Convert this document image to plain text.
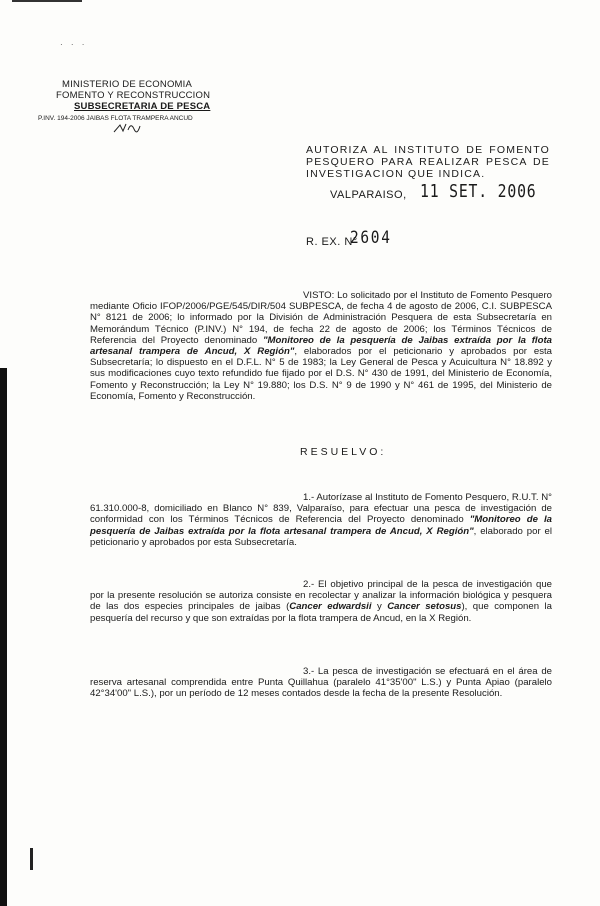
· · ·
MINISTERIO DE ECONOMIA
FOMENTO Y RECONSTRUCCION
SUBSECRETARIA DE PESCA
P.INV. 194-2006 JAIBAS FLOTA TRAMPERA ANCUD
AUTORIZA AL INSTITUTO DE FOMENTO PESQUERO PARA REALIZAR PESCA DE INVESTIGACION QUE INDICA.
VALPARAISO, 11 SET. 2006
R. EX. N°
2604
VISTO: Lo solicitado por el Instituto de Fomento Pesquero mediante Oficio IFOP/2006/PGE/545/DIR/504 SUBPESCA, de fecha 4 de agosto de 2006, C.I. SUBPESCA N° 8121 de 2006; lo informado por la División de Administración Pesquera de esta Subsecretaría en Memorándum Técnico (P.INV.) N° 194, de fecha 22 de agosto de 2006; los Términos Técnicos de Referencia del Proyecto denominado "Monitoreo de la pesquería de Jaibas extraída por la flota artesanal trampera de Ancud, X Región", elaborados por el peticionario y aprobados por esta Subsecretaría; lo dispuesto en el D.F.L. N° 5 de 1983; la Ley General de Pesca y Acuicultura N° 18.892 y sus modificaciones cuyo texto refundido fue fijado por el D.S. N° 430 de 1991, del Ministerio de Economía, Fomento y Reconstrucción; la Ley N° 19.880; los D.S. N° 9 de 1990 y N° 461 de 1995, del Ministerio de Economía, Fomento y Reconstrucción.
RESUELVO:
1.- Autorízase al Instituto de Fomento Pesquero, R.U.T. N° 61.310.000-8, domiciliado en Blanco N° 839, Valparaíso, para efectuar una pesca de investigación de conformidad con los Términos Técnicos de Referencia del Proyecto denominado "Monitoreo de la pesquería de Jaibas extraída por la flota artesanal trampera de Ancud, X Región", elaborado por el peticionario y aprobados por esta Subsecretaría.
2.- El objetivo principal de la pesca de investigación que por la presente resolución se autoriza consiste en recolectar y analizar la información biológica y pesquera de las dos especies principales de jaibas (Cancer edwardsii y Cancer setosus), que componen la pesquería del recurso y que son extraídas por la flota trampera de Ancud, en la X Región.
3.- La pesca de investigación se efectuará en el área de reserva artesanal comprendida entre Punta Quillahua (paralelo 41°35'00" L.S.) y Punta Apiao (paralelo 42°34'00" L.S.), por un período de 12 meses contados desde la fecha de la presente Resolución.
